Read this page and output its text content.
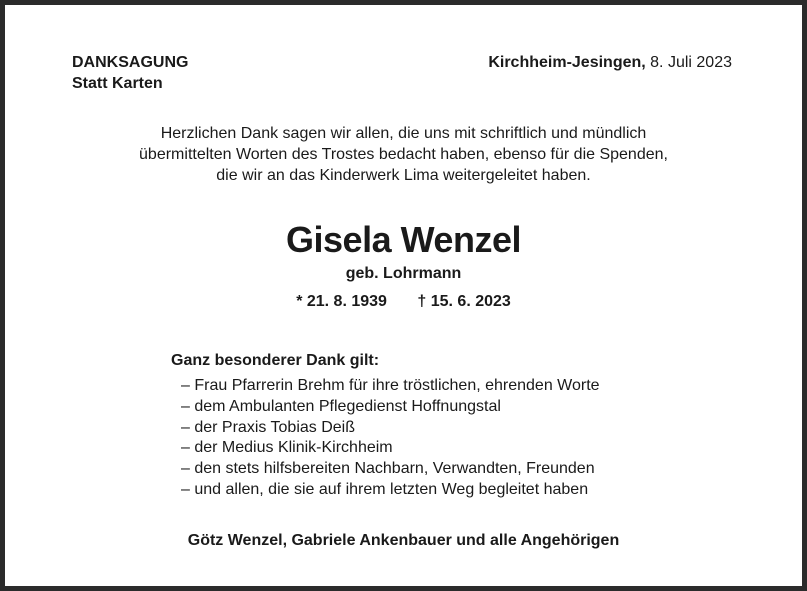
DANKSAGUNG
Statt Karten
Kirchheim-Jesingen, 8. Juli 2023
Herzlichen Dank sagen wir allen, die uns mit schriftlich und mündlich
übermittelten Worten des Trostes bedacht haben, ebenso für die Spenden,
die wir an das Kinderwerk Lima weitergeleitet haben.
Gisela Wenzel
geb. Lohrmann
* 21. 8. 1939 † 15. 6. 2023
Ganz besonderer Dank gilt:
– Frau Pfarrerin Brehm für ihre tröstlichen, ehrenden Worte
– dem Ambulanten Pflegedienst Hoffnungstal
– der Praxis Tobias Deiß
– der Medius Klinik-Kirchheim
– den stets hilfsbereiten Nachbarn, Verwandten, Freunden
– und allen, die sie auf ihrem letzten Weg begleitet haben
Götz Wenzel, Gabriele Ankenbauer und alle Angehörigen
